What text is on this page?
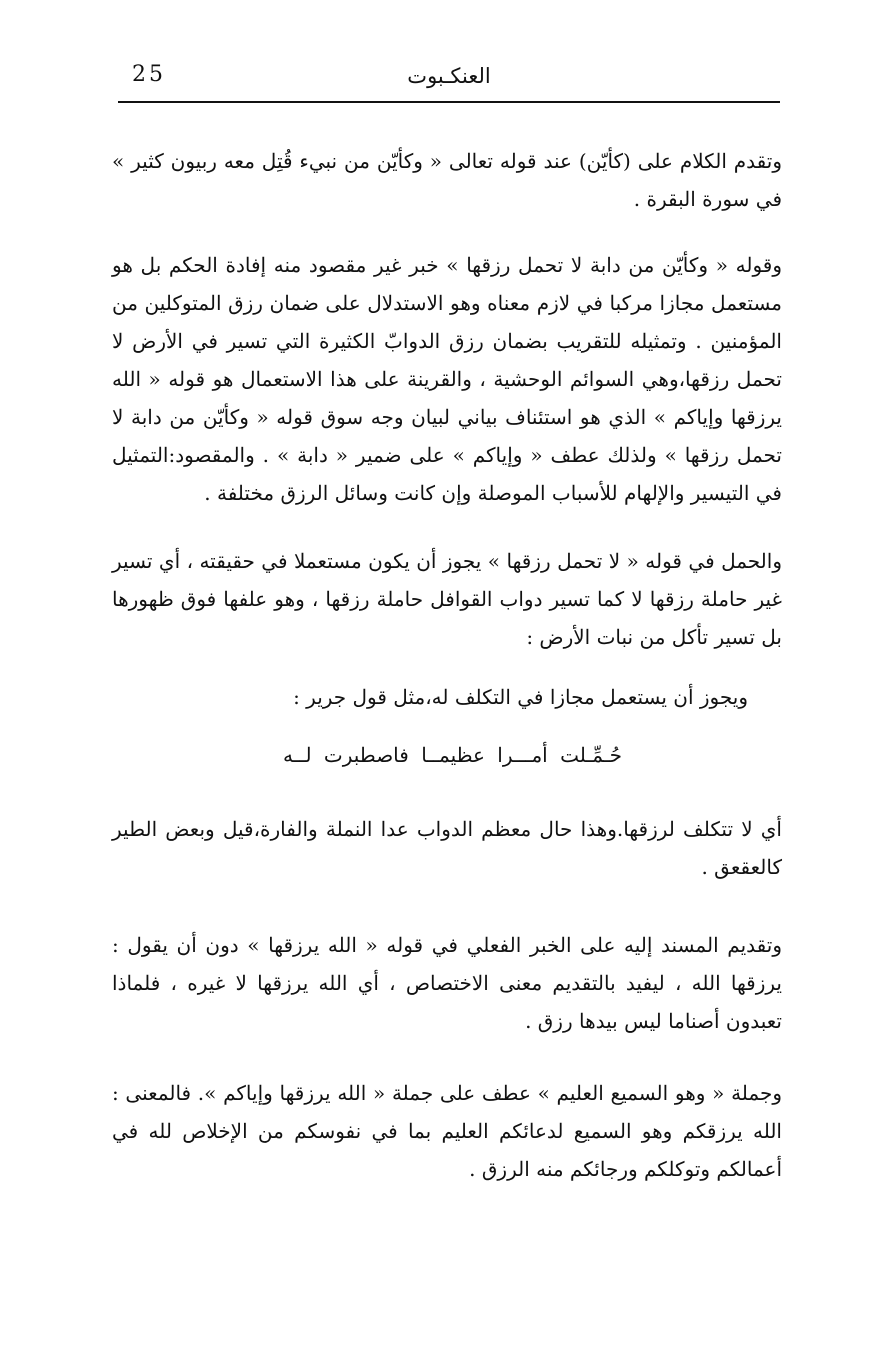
25	العنكـبوت

وتقدم الكلام على (كأيّن) عند قوله تعالى « وكأيّن من نبيء قُتِل معه ربيون كثير » في سورة البقرة .

وقوله « وكأيّن من دابة لا تحمل رزقها » خبر غير مقصود منه إفادة الحكم بل هو مستعمل مجازا مركبا في لازم معناه وهو الاستدلال على ضمان رزق المتوكلين من المؤمنين . وتمثيله للتقريب بضمان رزق الدوابّ الكثيرة التي تسير في الأرض لا تحمل رزقها،وهي السوائم الوحشية ، والقرينة على هذا الاستعمال هو قوله « الله يرزقها وإياكم » الذي هو استئناف بياني لبيان وجه سوق قوله « وكأيّن من دابة لا تحمل رزقها » ولذلك عطف « وإياكم » على ضمير « دابة » . والمقصود:التمثيل في التيسير والإلهام للأسباب الموصلة وإن كانت وسائل الرزق مختلفة .

والحمل في قوله « لا تحمل رزقها » يجوز أن يكون مستعملا في حقيقته ، أي تسير غير حاملة رزقها لا كما تسير دواب القوافل حاملة رزقها ، وهو علفها فوق ظهورها بل تسير تأكل من نبات الأرض :

ويجوز أن يستعمل مجازا في التكلف له،مثل قول جرير :

حُـمِّـلت أمـــرا عظيمــا فاصطبرت لــه

أي لا تتكلف لرزقها.وهذا حال معظم الدواب عدا النملة والفارة،قيل وبعض الطير كالعقعق .

وتقديم المسند إليه على الخبر الفعلي في قوله « الله يرزقها » دون أن يقول : يرزقها الله ، ليفيد بالتقديم معنى الاختصاص ، أي الله يرزقها لا غيره ، فلماذا تعبدون أصناما ليس بيدها رزق .

وجملة « وهو السميع العليم » عطف على جملة « الله يرزقها وإياكم ». فالمعنى : الله يرزقكم وهو السميع لدعائكم العليم بما في نفوسكم من الإخلاص لله في أعمالكم وتوكلكم ورجائكم منه الرزق .
